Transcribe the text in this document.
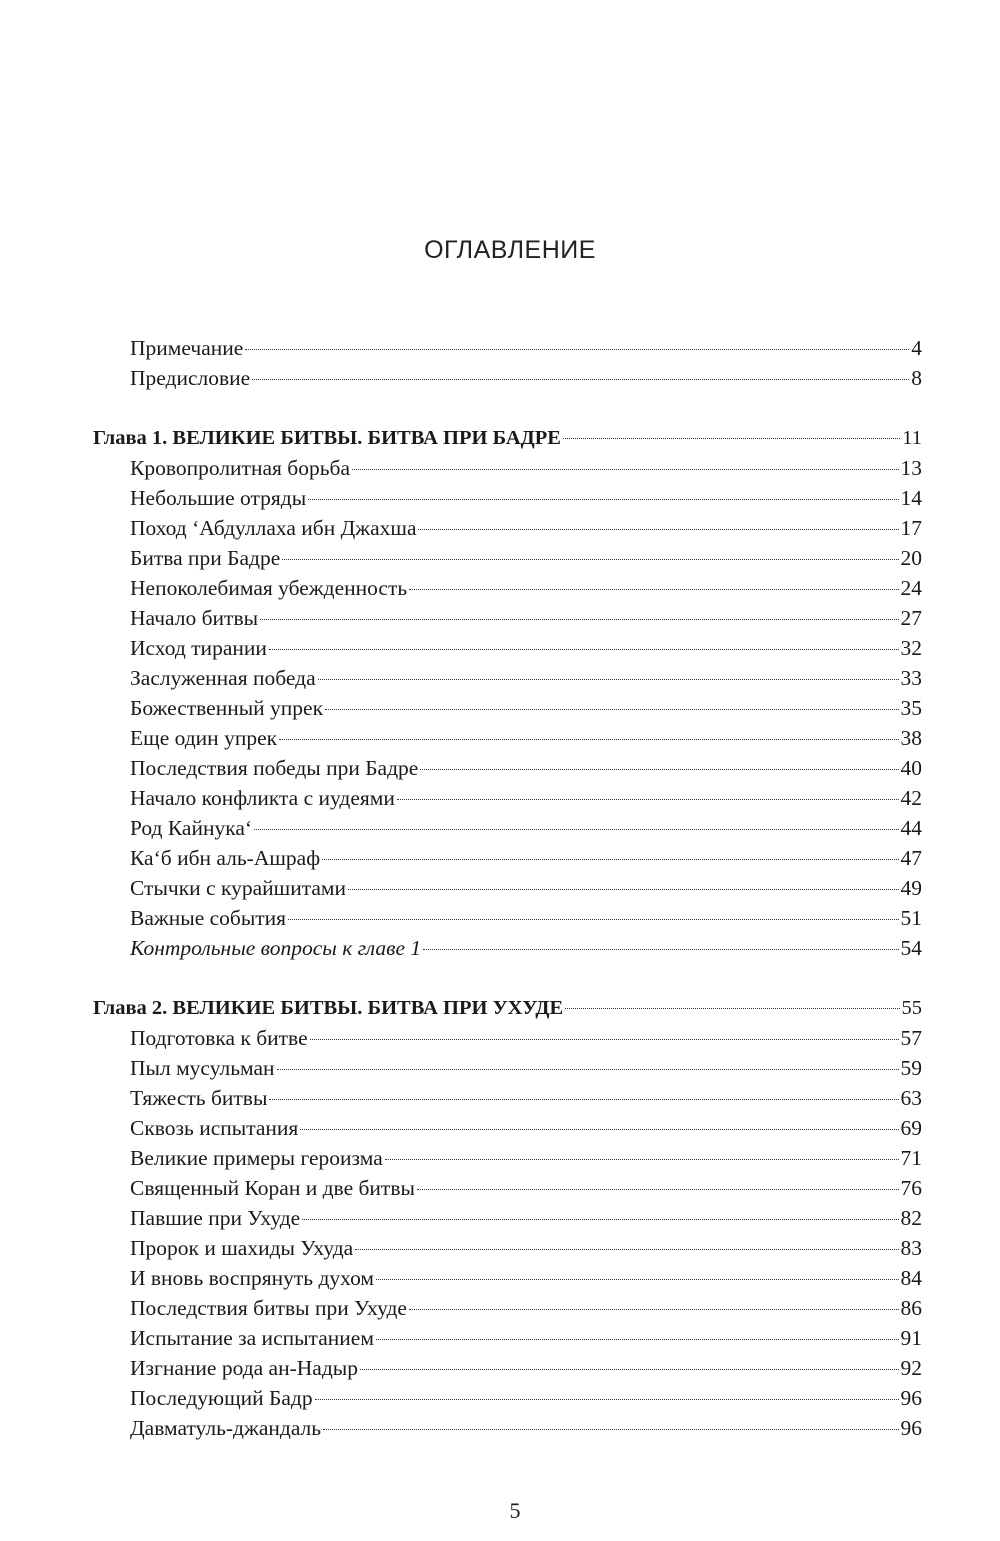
ОГЛАВЛЕНИЕ
Примечание	4
Предисловие	8
Глава 1. ВЕЛИКИЕ БИТВЫ. БИТВА ПРИ БАДРЕ	11
Кровопролитная борьба	13
Небольшие отряды	14
Поход ‘Абдуллаха ибн Джахша	17
Битва при Бадре	20
Непоколебимая убежденность	24
Начало битвы	27
Исход тирании	32
Заслуженная победа	33
Божественный упрек	35
Еще один упрек	38
Последствия победы при Бадре	40
Начало конфликта с иудеями	42
Род Кайнука‘	44
Ка‘б ибн аль-Ашраф	47
Стычки с курайшитами	49
Важные события	51
Контрольные вопросы к главе 1	54
Глава 2. ВЕЛИКИЕ БИТВЫ. БИТВА ПРИ УХУДЕ	55
Подготовка к битве	57
Пыл мусульман	59
Тяжесть битвы	63
Сквозь испытания	69
Великие примеры героизма	71
Священный Коран и две битвы	76
Павшие при Ухуде	82
Пророк и шахиды Ухуда	83
И вновь воспрянуть духом	84
Последствия битвы при Ухуде	86
Испытание за испытанием	91
Изгнание рода ан-Надыр	92
Последующий Бадр	96
Давматуль-джандаль	96
5
